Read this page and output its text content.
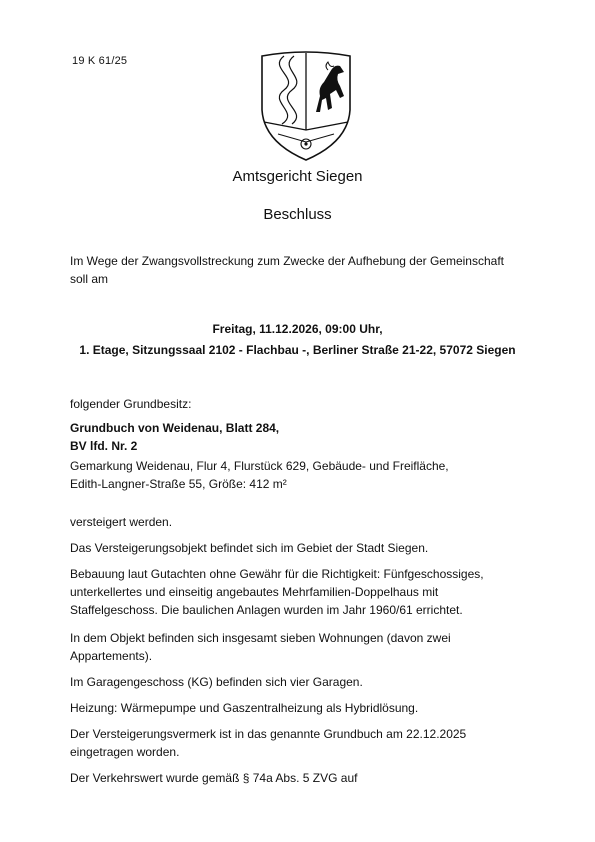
19 K 61/25
Amtsgericht Siegen
Beschluss
Im Wege der Zwangsvollstreckung zum Zwecke der Aufhebung der Gemeinschaft
soll am
Freitag, 11.12.2026, 09:00 Uhr,
1. Etage, Sitzungssaal 2102 - Flachbau -, Berliner Straße 21-22, 57072 Siegen
folgender Grundbesitz:
Grundbuch von Weidenau, Blatt 284,
BV lfd. Nr. 2
Gemarkung Weidenau, Flur 4, Flurstück 629, Gebäude- und Freifläche,
Edith-Langner-Straße 55, Größe: 412 m²
versteigert werden.
Das Versteigerungsobjekt befindet sich im Gebiet der Stadt Siegen.
Bebauung laut Gutachten ohne Gewähr für die Richtigkeit: Fünfgeschossiges,
unterkellertes und einseitig angebautes Mehrfamilien-Doppelhaus mit
Staffelgeschoss. Die baulichen Anlagen wurden im Jahr 1960/61 errichtet.
In dem Objekt befinden sich insgesamt sieben Wohnungen (davon zwei
Appartements).
Im Garagengeschoss (KG) befinden sich vier Garagen.
Heizung: Wärmepumpe und Gaszentralheizung als Hybridlösung.
Der Versteigerungsvermerk ist in das genannte Grundbuch am 22.12.2025
eingetragen worden.
Der Verkehrswert wurde gemäß § 74a Abs. 5 ZVG auf
